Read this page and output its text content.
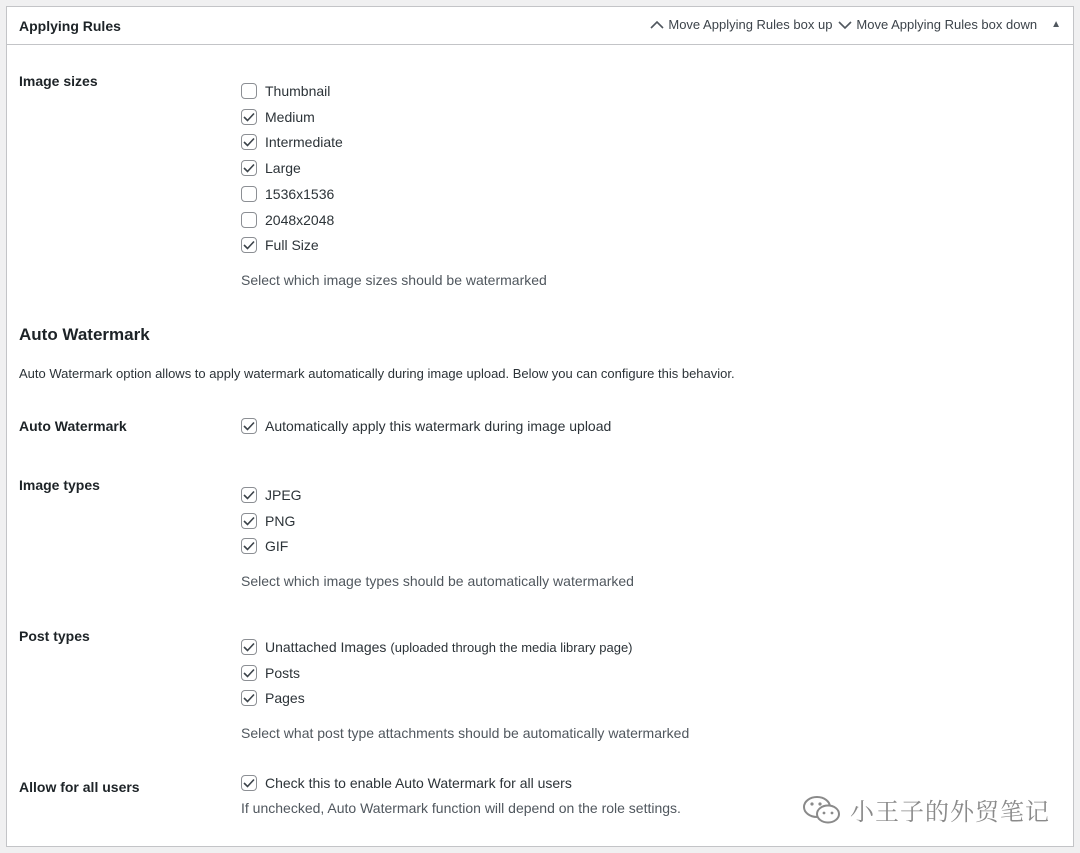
Applying Rules	Move Applying Rules box up Move Applying Rules box down ▲
Image sizes
Thumbnail
Medium
Intermediate
Large
1536x1536
2048x2048
Full Size
Select which image sizes should be watermarked
Auto Watermark
Auto Watermark option allows to apply watermark automatically during image upload. Below you can configure this behavior.
Auto Watermark	Automatically apply this watermark during image upload
Image types
JPEG
PNG
GIF
Select which image types should be automatically watermarked
Post types
Unattached Images (uploaded through the media library page)
Posts
Pages
Select what post type attachments should be automatically watermarked
Allow for all users	Check this to enable Auto Watermark for all users
If unchecked, Auto Watermark function will depend on the role settings.	小王子的外贸笔记
